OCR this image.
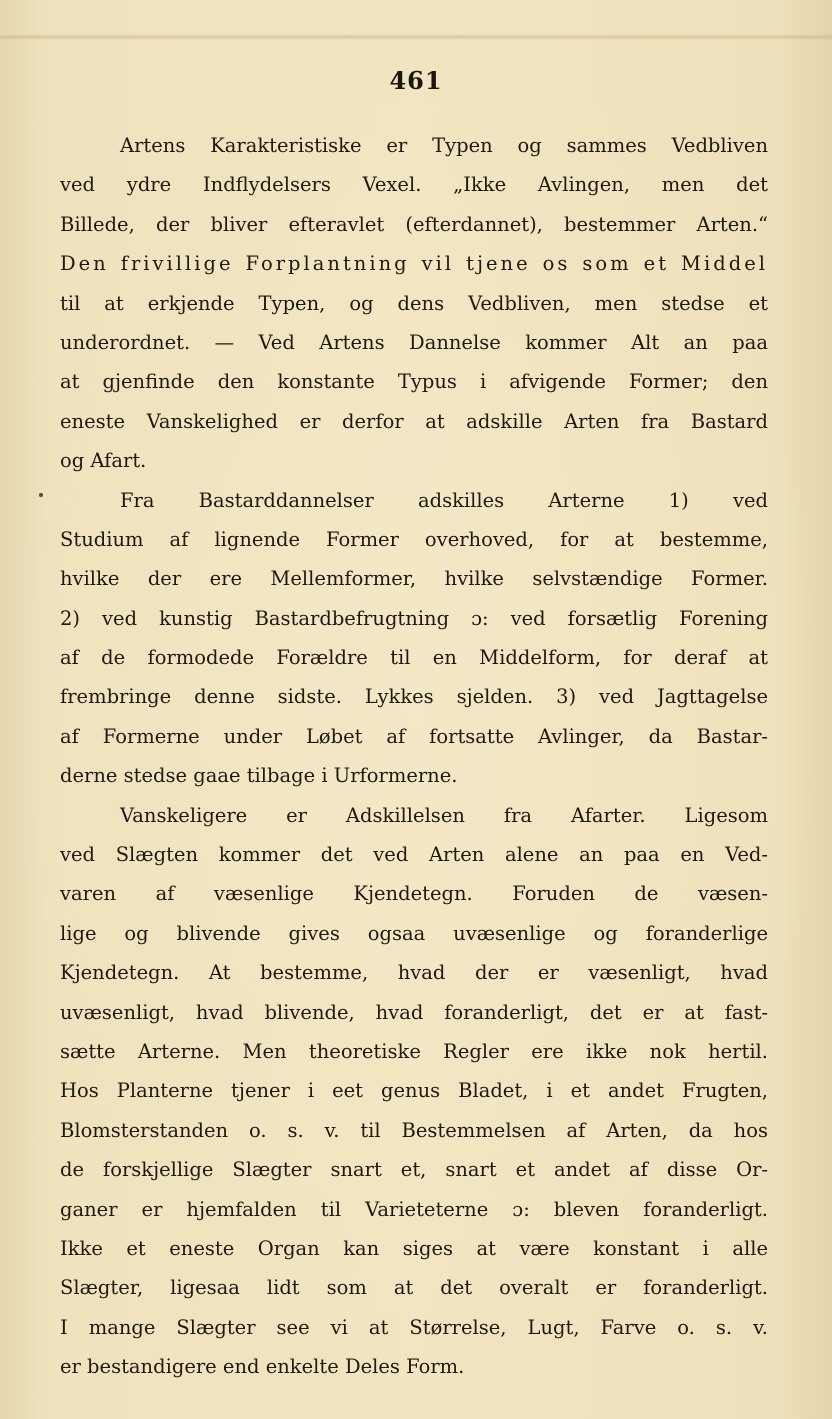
461
Artens Karakteristiske er Typen og sammes Vedbliven
ved ydre Indflydelsers Vexel. „Ikke Avlingen, men det
Billede, der bliver efteravlet (efterdannet), bestemmer Arten.“
Den frivillige Forplantning vil tjene os som et Middel
til at erkjende Typen, og dens Vedbliven, men stedse et
underordnet. — Ved Artens Dannelse kommer Alt an paa
at gjenfinde den konstante Typus i afvigende Former; den
eneste Vanskelighed er derfor at adskille Arten fra Bastard
og Afart.
Fra Bastarddannelser adskilles Arterne 1) ved
Studium af lignende Former overhoved, for at bestemme,
hvilke der ere Mellemformer, hvilke selvstændige Former.
2) ved kunstig Bastardbefrugtning ɔ: ved forsætlig Forening
af de formodede Forældre til en Middelform, for deraf at
frembringe denne sidste. Lykkes sjelden. 3) ved Jagttagelse
af Formerne under Løbet af fortsatte Avlinger, da Bastar-
derne stedse gaae tilbage i Urformerne.
Vanskeligere er Adskillelsen fra Afarter. Ligesom
ved Slægten kommer det ved Arten alene an paa en Ved-
varen af væsenlige Kjendetegn. Foruden de væsen-
lige og blivende gives ogsaa uvæsenlige og foranderlige
Kjendetegn. At bestemme, hvad der er væsenligt, hvad
uvæsenligt, hvad blivende, hvad foranderligt, det er at fast-
sætte Arterne. Men theoretiske Regler ere ikke nok hertil.
Hos Planterne tjener i eet genus Bladet, i et andet Frugten,
Blomsterstanden o. s. v. til Bestemmelsen af Arten, da hos
de forskjellige Slægter snart et, snart et andet af disse Or-
ganer er hjemfalden til Varieteterne ɔ: bleven foranderligt.
Ikke et eneste Organ kan siges at være konstant i alle
Slægter, ligesaa lidt som at det overalt er foranderligt.
I mange Slægter see vi at Størrelse, Lugt, Farve o. s. v.
er bestandigere end enkelte Deles Form.
